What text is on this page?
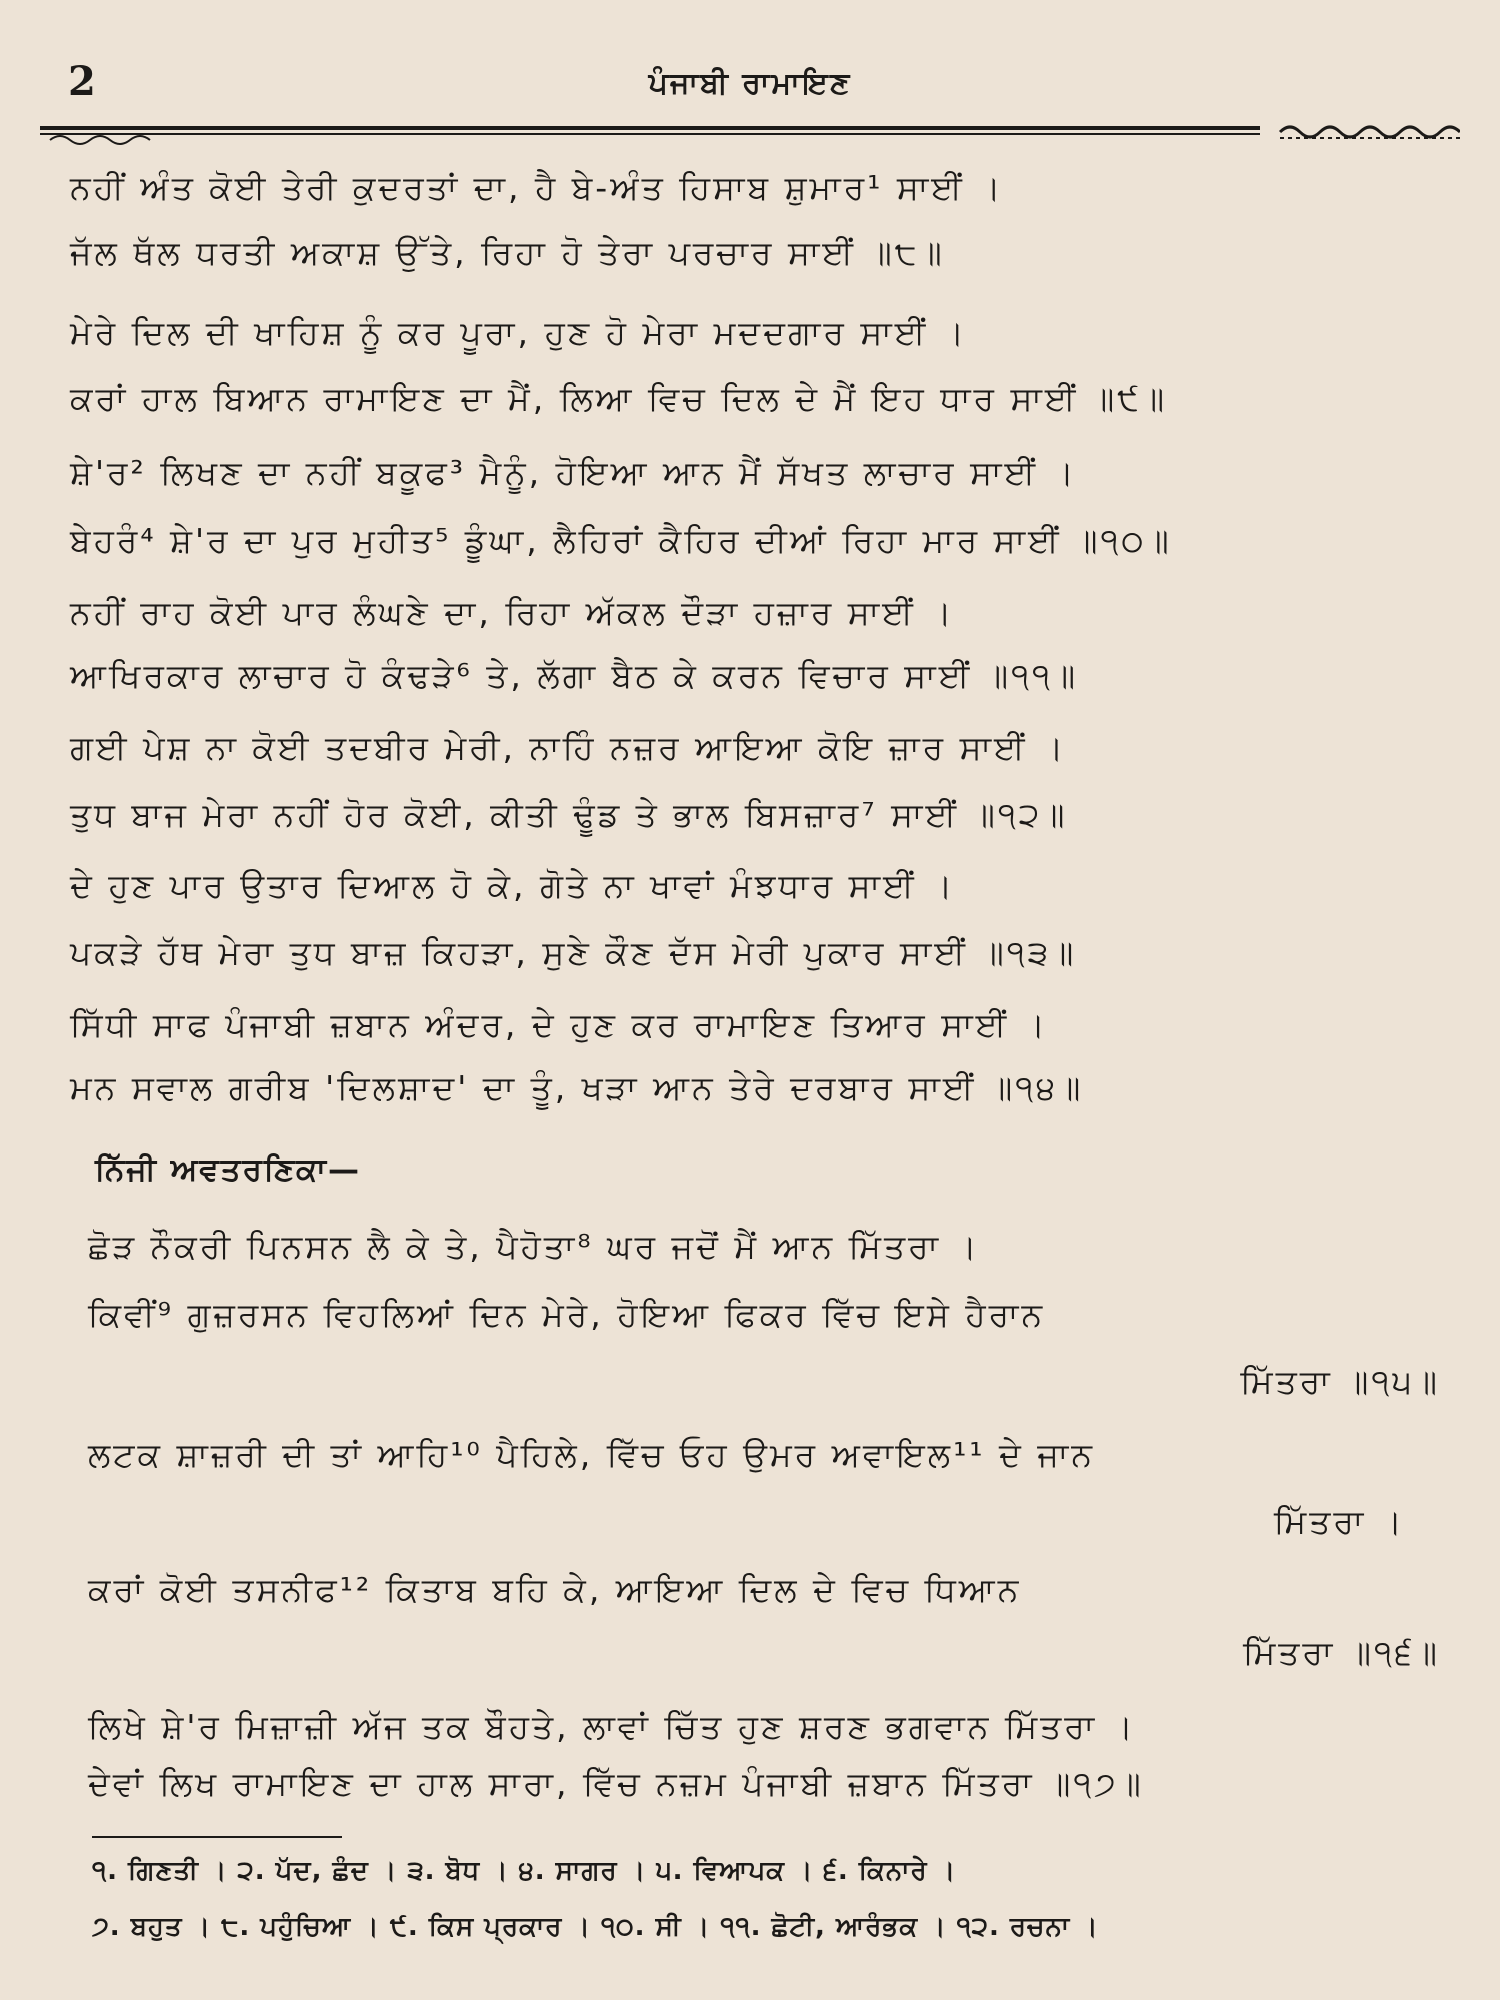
2	ਪੰਜਾਬੀ ਰਾਮਾਇਣ
ਨਹੀਂ ਅੰਤ ਕੋਈ ਤੇਰੀ ਕੁਦਰਤਾਂ ਦਾ, ਹੈ ਬੇ-ਅੰਤ ਹਿਸਾਬ ਸ਼ੁਮਾਰ¹ ਸਾਈਂ ।
ਜੱਲ ਥੱਲ ਧਰਤੀ ਅਕਾਸ਼ ਉੱਤੇ, ਰਿਹਾ ਹੋ ਤੇਰਾ ਪਰਚਾਰ ਸਾਈਂ ॥੮॥
ਮੇਰੇ ਦਿਲ ਦੀ ਖਾਹਿਸ਼ ਨੂੰ ਕਰ ਪੂਰਾ, ਹੁਣ ਹੋ ਮੇਰਾ ਮਦਦਗਾਰ ਸਾਈਂ ।
ਕਰਾਂ ਹਾਲ ਬਿਆਨ ਰਾਮਾਇਣ ਦਾ ਮੈਂ, ਲਿਆ ਵਿਚ ਦਿਲ ਦੇ ਮੈਂ ਇਹ ਧਾਰ ਸਾਈਂ ॥੯॥
ਸ਼ੇ'ਰ² ਲਿਖਣ ਦਾ ਨਹੀਂ ਬਕੂਫ³ ਮੈਨੂੰ, ਹੋਇਆ ਆਨ ਮੈਂ ਸੱਖਤ ਲਾਚਾਰ ਸਾਈਂ ।
ਬੇਹਰੰ⁴ ਸ਼ੇ'ਰ ਦਾ ਪੁਰ ਮੁਹੀਤ⁵ ਡੂੰਘਾ, ਲੈਹਿਰਾਂ ਕੈਹਿਰ ਦੀਆਂ ਰਿਹਾ ਮਾਰ ਸਾਈਂ ॥੧੦॥
ਨਹੀਂ ਰਾਹ ਕੋਈ ਪਾਰ ਲੰਘਣੇ ਦਾ, ਰਿਹਾ ਅੱਕਲ ਦੌੜਾ ਹਜ਼ਾਰ ਸਾਈਂ ।
ਆਖਿਰਕਾਰ ਲਾਚਾਰ ਹੋ ਕੰਢੜੇ⁶ ਤੇ, ਲੱਗਾ ਬੈਠ ਕੇ ਕਰਨ ਵਿਚਾਰ ਸਾਈਂ ॥੧੧॥
ਗਈ ਪੇਸ਼ ਨਾ ਕੋਈ ਤਦਬੀਰ ਮੇਰੀ, ਨਾਹਿੰ ਨਜ਼ਰ ਆਇਆ ਕੋਇ ਜ਼ਾਰ ਸਾਈਂ ।
ਤੁਧ ਬਾਜ ਮੇਰਾ ਨਹੀਂ ਹੋਰ ਕੋਈ, ਕੀਤੀ ਢੂੰਡ ਤੇ ਭਾਲ ਬਿਸਜ਼ਾਰ⁷ ਸਾਈਂ ॥੧੨॥
ਦੇ ਹੁਣ ਪਾਰ ਉਤਾਰ ਦਿਆਲ ਹੋ ਕੇ, ਗੋਤੇ ਨਾ ਖਾਵਾਂ ਮੰਝਧਾਰ ਸਾਈਂ ।
ਪਕੜੇ ਹੱਥ ਮੇਰਾ ਤੁਧ ਬਾਜ਼ ਕਿਹੜਾ, ਸੁਣੇ ਕੌਣ ਦੱਸ ਮੇਰੀ ਪੁਕਾਰ ਸਾਈਂ ॥੧੩॥
ਸਿੱਧੀ ਸਾਫ ਪੰਜਾਬੀ ਜ਼ਬਾਨ ਅੰਦਰ, ਦੇ ਹੁਣ ਕਰ ਰਾਮਾਇਣ ਤਿਆਰ ਸਾਈਂ ।
ਮਨ ਸਵਾਲ ਗਰੀਬ 'ਦਿਲਸ਼ਾਦ' ਦਾ ਤੂੰ, ਖੜਾ ਆਨ ਤੇਰੇ ਦਰਬਾਰ ਸਾਈਂ ॥੧੪॥
ਨਿੱਜੀ ਅਵਤਰਣਿਕਾ—
ਛੋੜ ਨੌਕਰੀ ਪਿਨਸਨ ਲੈ ਕੇ ਤੇ, ਪੈਹੋਤਾ⁸ ਘਰ ਜਦੋਂ ਮੈਂ ਆਨ ਮਿੱਤਰਾ ।
ਕਿਵੀਂ⁹ ਗੁਜ਼ਰਸਨ ਵਿਹਲਿਆਂ ਦਿਨ ਮੇਰੇ, ਹੋਇਆ ਫਿਕਰ ਵਿੱਚ ਇਸੇ ਹੈਰਾਨ
ਮਿੱਤਰਾ ॥੧੫॥
ਲਟਕ ਸ਼ਾਜ਼ਰੀ ਦੀ ਤਾਂ ਆਹਿ¹⁰ ਪੈਹਿਲੇ, ਵਿੱਚ ਓਹ ਉਮਰ ਅਵਾਇਲ¹¹ ਦੇ ਜਾਨ
ਮਿੱਤਰਾ ।
ਕਰਾਂ ਕੋਈ ਤਸਨੀਫ¹² ਕਿਤਾਬ ਬਹਿ ਕੇ, ਆਇਆ ਦਿਲ ਦੇ ਵਿਚ ਧਿਆਨ
ਮਿੱਤਰਾ ॥੧੬॥
ਲਿਖੇ ਸ਼ੇ'ਰ ਮਿਜ਼ਾਜ਼ੀ ਅੱਜ ਤਕ ਬੌਹਤੇ, ਲਾਵਾਂ ਚਿੱਤ ਹੁਣ ਸ਼ਰਣ ਭਗਵਾਨ ਮਿੱਤਰਾ ।
ਦੇਵਾਂ ਲਿਖ ਰਾਮਾਇਣ ਦਾ ਹਾਲ ਸਾਰਾ, ਵਿੱਚ ਨਜ਼ਮ ਪੰਜਾਬੀ ਜ਼ਬਾਨ ਮਿੱਤਰਾ ॥੧੭॥
੧. ਗਿਣਤੀ । ੨. ਪੱਦ, ਛੰਦ । ੩. ਬੋਧ । ੪. ਸਾਗਰ । ੫. ਵਿਆਪਕ । ੬. ਕਿਨਾਰੇ ।
੭. ਬਹੁਤ । ੮. ਪਹੁੰਚਿਆ । ੯. ਕਿਸ ਪ੍ਰਕਾਰ । ੧੦. ਸੀ । ੧੧. ਛੋਟੀ, ਆਰੰਭਕ । ੧੨. ਰਚਨਾ ।
